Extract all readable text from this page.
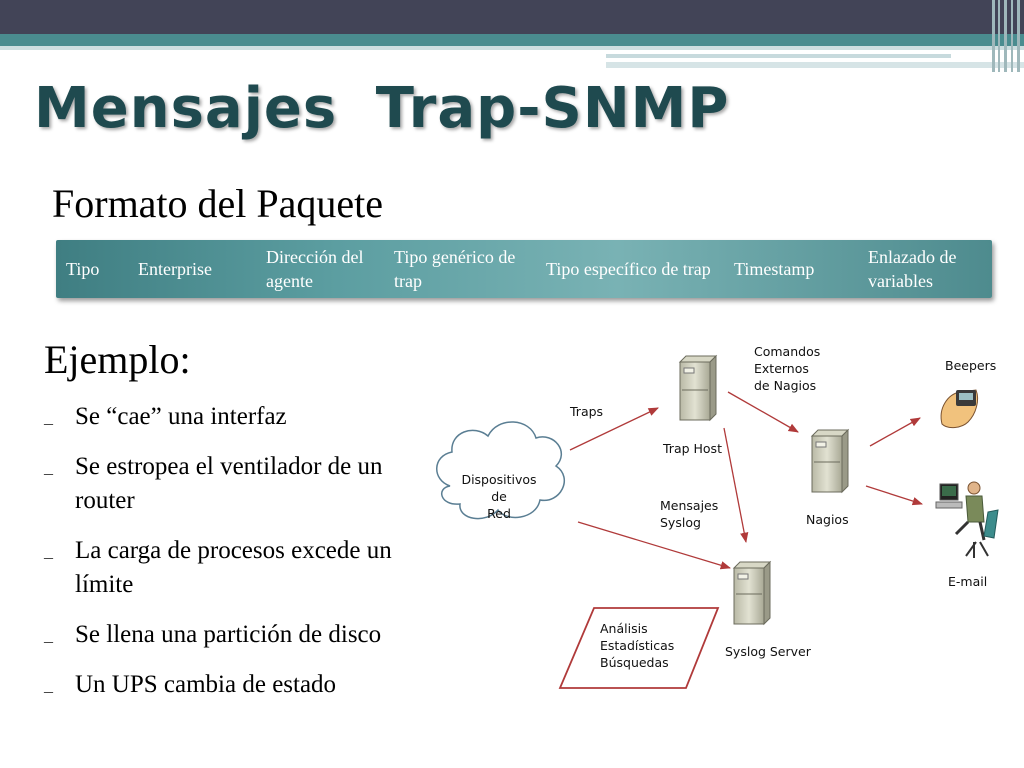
Mensajes Trap-SNMP
Formato del Paquete
Tipo	Enterprise
Dirección del agente
Tipo genérico de trap
Tipo específico de trap Timestamp
Enlazado de variables
Ejemplo:
– Se “cae” una interfaz
– Se estropea el ventilador de un router
– La carga de procesos excede un límite
– Se llena una partición de disco
– Un UPS cambia de estado
Dispositivos
de
Red
Traps
Trap Host
Comandos
Externos
de Nagios
Mensajes
Syslog	Nagios
Syslog Server
Análisis
Estadísticas
Búsquedas
Beepers
E-mail
